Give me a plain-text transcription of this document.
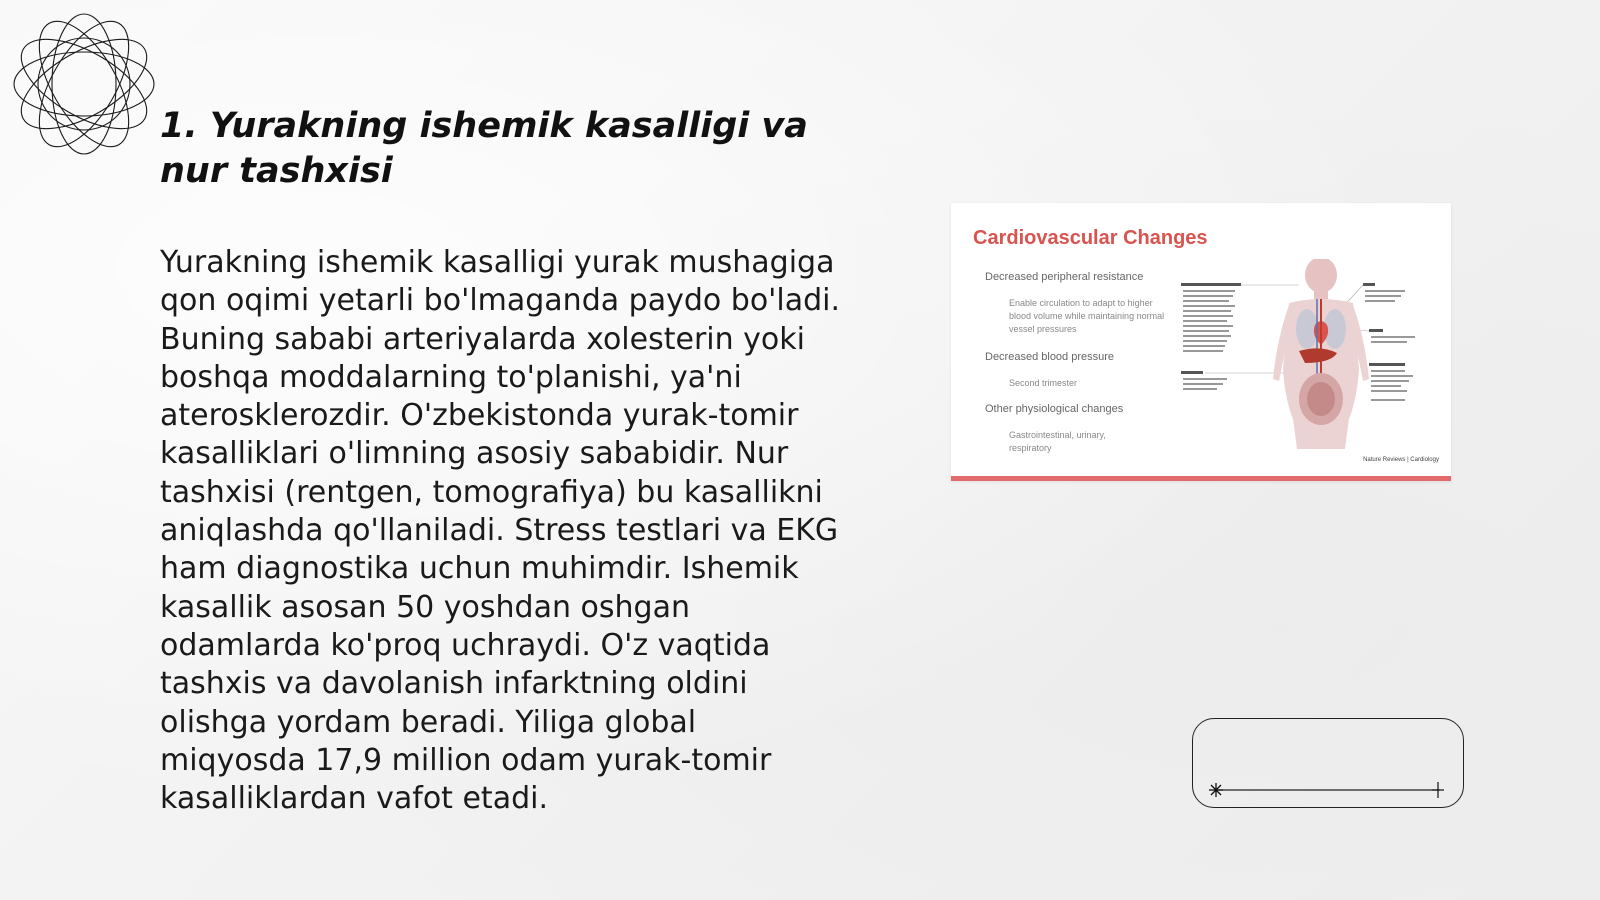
1. Yurakning ishemik kasalligi va nur tashxisi

Yurakning ishemik kasalligi yurak mushagiga qon oqimi yetarli bo'lmaganda paydo bo'ladi. Buning sababi arteriyalarda xolesterin yoki boshqa moddalarning to'planishi, ya'ni aterosklerozdir. O'zbekistonda yurak-tomir kasalliklari o'limning asosiy sababidir. Nur tashxisi (rentgen, tomografiya) bu kasallikni aniqlashda qo'llaniladi. Stress testlari va EKG ham diagnostika uchun muhimdir. Ishemik kasallik asosan 50 yoshdan oshgan odamlarda ko'proq uchraydi. O'z vaqtida tashxis va davolanish infarktning oldini olishga yordam beradi. Yiliga global miqyosda 17,9 million odam yurak-tomir kasalliklardan vafot etadi.

Cardiovascular Changes
Decreased peripheral resistance
Enable circulation to adapt to higher blood volume while maintaining normal vessel pressures
Decreased blood pressure
Second trimester
Other physiological changes
Gastrointestinal, urinary, respiratory
Nature Reviews | Cardiology
